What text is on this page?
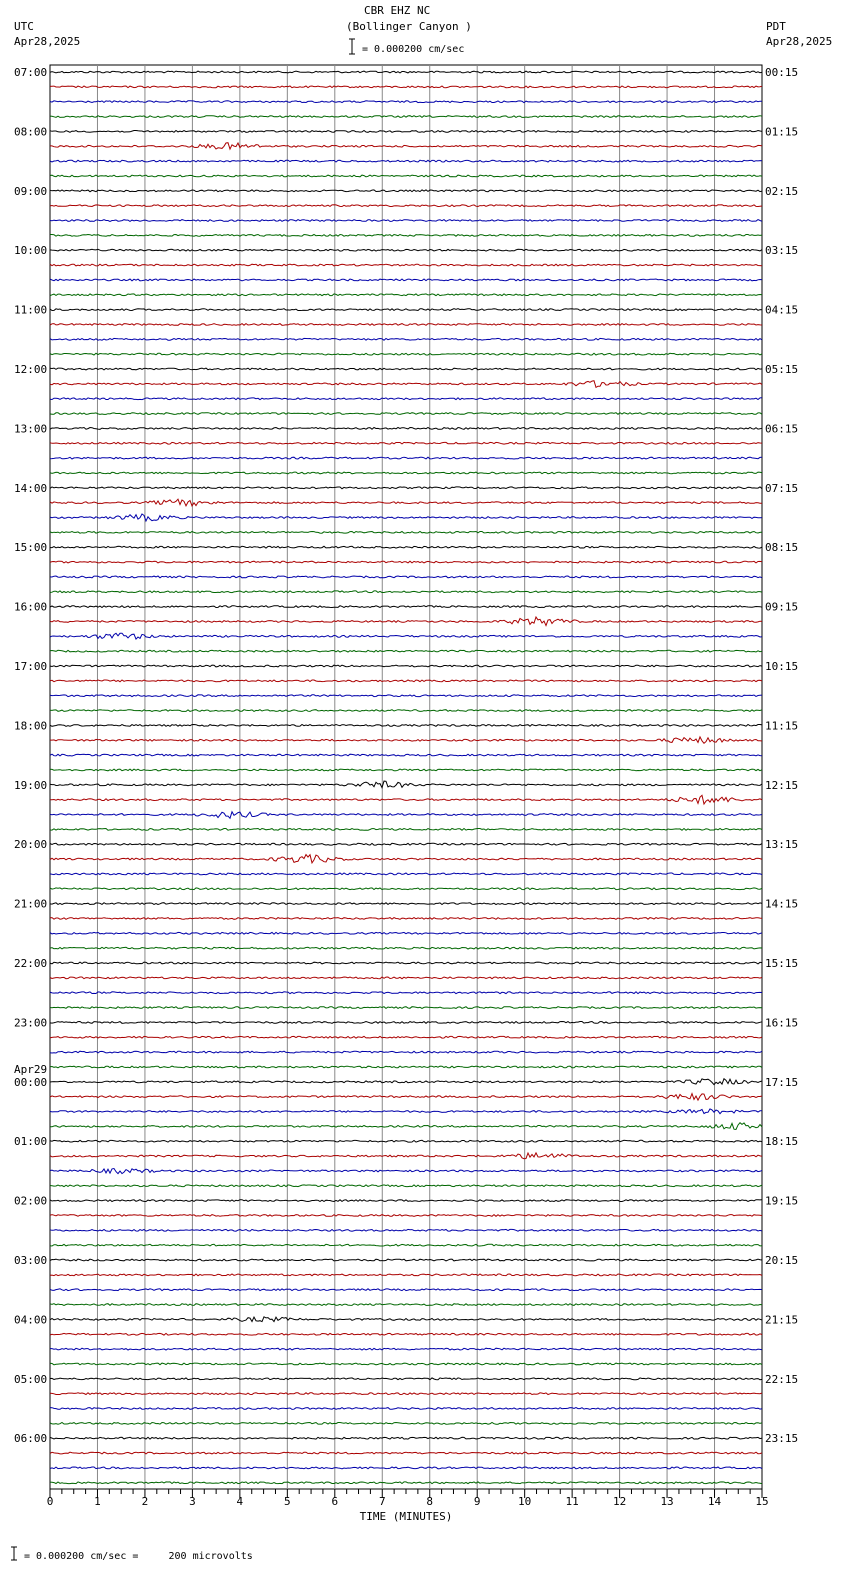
CBR EHZ NC
(Bollinger Canyon )
UTC
Apr28,2025
PDT
Apr28,2025
= 0.000200 cm/sec
= 0.000200 cm/sec =     200 microvolts
07:00	00:15
08:00	01:15
09:00	02:15
10:00	03:15
11:00	04:15
12:00	05:15
13:00	06:15
14:00	07:15
15:00	08:15
16:00	09:15
17:00	10:15
18:00	11:15
19:00	12:15
20:00	13:15
21:00	14:15
22:00	15:15
23:00	16:15
00:00	17:15
01:00	18:15
02:00	19:15
03:00	20:15
04:00	21:15
05:00	22:15
06:00	23:15
Apr29
0	1	2	3	4	5	6	7	8	9	10	11	12	13	14	15
TIME (MINUTES)
